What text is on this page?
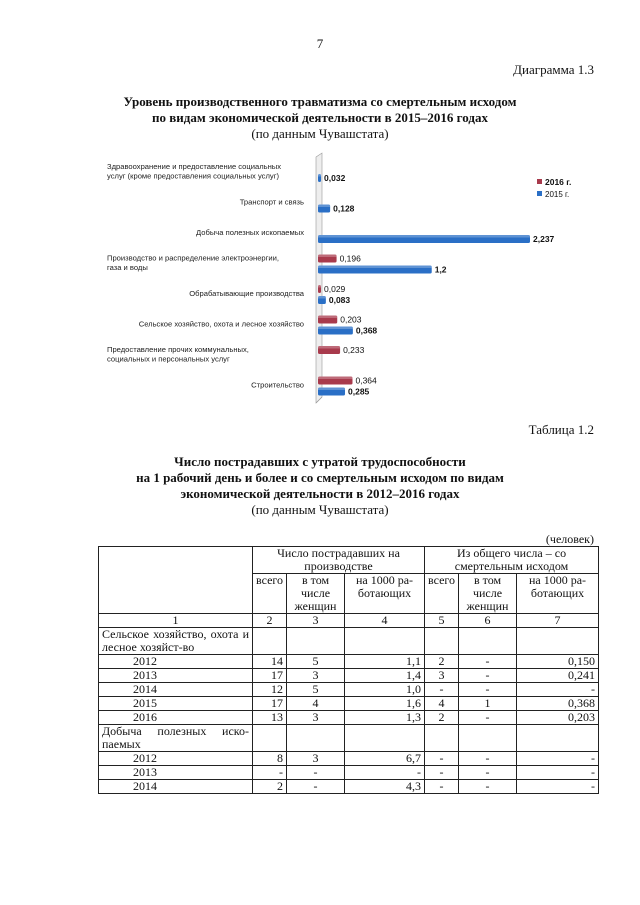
7
Диаграмма 1.3
Уровень производственного травматизма со смертельным исходом
по видам экономической деятельности в 2015–2016 годах
(по данным Чувашстата)
Здравоохранение и предоставление социальных услуг (кроме предоставления социальных услуг)	0,032
Транспорт и связь
0,128
Добыча полезных ископаемых
2,237
Производство и распределение электроэнергии, газа и воды
0,196
1,2
Обрабатывающие производства 0,029
0,083
Сельское хозяйство, охота и лесное хозяйство	0,203
0,368
Предоставление прочих коммунальных, социальных и персональных услуг
0,233
Строительство	0,364
0,285
2016 г.
2015 г.
Таблица 1.2
Число пострадавших с утратой трудоспособности
на 1 рабочий день и более и со смертельным исходом по видам
экономической деятельности в 2012–2016 годах
(по данным Чувашстата)
(человек)
	Число пострадавших на производстве			Из общего числа – со смертельным исходом		
	всего	в том числе женщин	на 1000 ра-ботающих	всего	в том числе женщин	на 1000 ра-ботающих
1	2	3	4	5	6	7
Сельское хозяйство, охота и лесное хозяйст-во						
2012	14	5	1,1	2	-	0,150
2013	17	3	1,4	3	-	0,241
2014	12	5	1,0	-	-	-
2015	17	4	1,6	4	1	0,368
2016	13	3	1,3	2	-	0,203
Добыча полезных иско-паемых						
2012	8	3	6,7	-	-	-
2013	-	-	-	-	-	-
2014	2	-	4,3	-	-	-
